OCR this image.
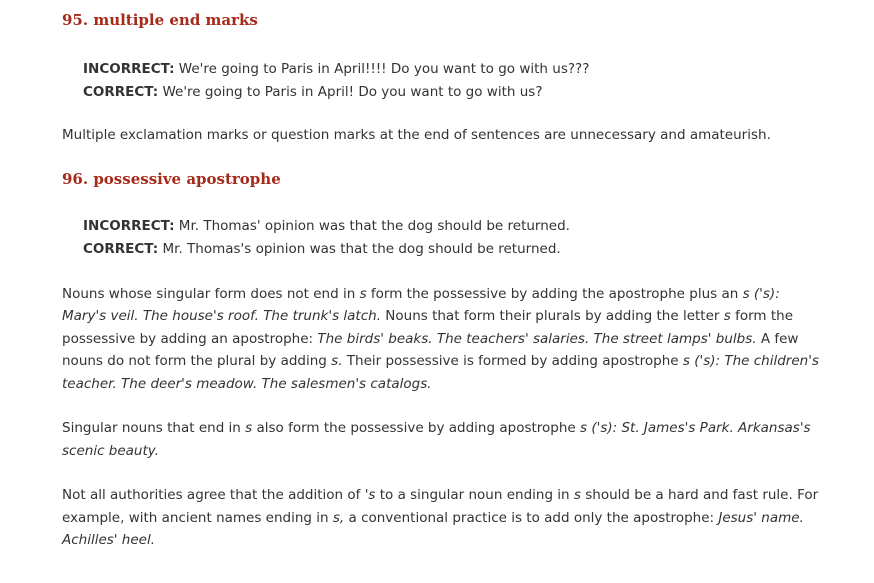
95. multiple end marks
INCORRECT: We're going to Paris in April!!!! Do you want to go with us???
CORRECT: We're going to Paris in April! Do you want to go with us?

Multiple exclamation marks or question marks at the end of sentences are unnecessary and amateurish.

96. possessive apostrophe
INCORRECT: Mr. Thomas' opinion was that the dog should be returned.
CORRECT: Mr. Thomas's opinion was that the dog should be returned.

Nouns whose singular form does not end in s form the possessive by adding the apostrophe plus an s ('s): Mary's veil. The house's roof. The trunk's latch. Nouns that form their plurals by adding the letter s form the possessive by adding an apostrophe: The birds' beaks. The teachers' salaries. The street lamps' bulbs. A few nouns do not form the plural by adding s. Their possessive is formed by adding apostrophe s ('s): The children's teacher. The deer's meadow. The salesmen's catalogs.

Singular nouns that end in s also form the possessive by adding apostrophe s ('s): St. James's Park. Arkansas's scenic beauty.

Not all authorities agree that the addition of 's to a singular noun ending in s should be a hard and fast rule. For example, with ancient names ending in s, a conventional practice is to add only the apostrophe: Jesus' name. Achilles' heel.
